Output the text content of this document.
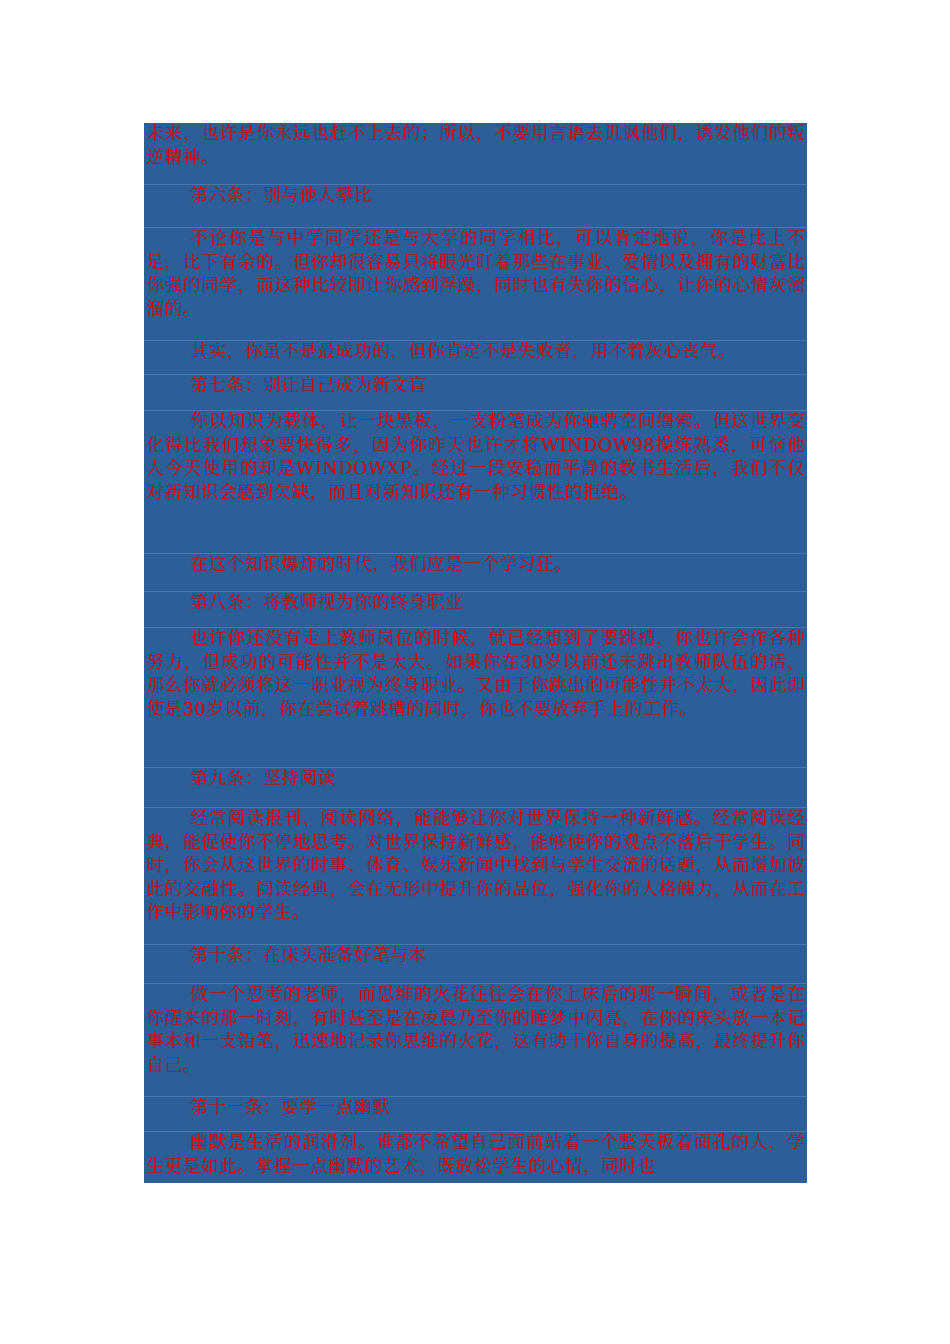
未来，也许是你永远也赶不上去的；所以，不要用言语去讥讽他们，诱发他们的叛逆精神。
第六条：别与他人攀比
不论你是与中学同学还是与大学的同学相比，可以肯定地说，你是比上不足，比下有余的。但你却很容易只将眼光盯着那些在事业、爱情以及拥有的财富比你强的同学，而这种比较即让你感到浮躁，同时也有失你的信心，让你的心情灰溜溜的。
其实，你虽不是最成功的，但你肯定不是失败者，用不着灰心丧气。
第七条：别让自己成为新文盲
你以知识为载体，让一块黑板，一支粉笔成为你驰骋空间缰索。但这世界变化得比我们想象要快得多，因为你昨天也许才将WINDOW98操练熟悉，可恼他人今天使用的却是WINDOWXP。经过一段安稳而平静的教书生活后，我们不仅对新知识会感到欠缺，而且对新知识还有一种习惯性的拒绝。
在这个知识爆炸的时代，我们应是一个学习狂。
第八条：将教师视为你的终身职业
也许你还没有走上教师岗位的时候，就已经想到了要跳槽，你也许会作各种努力，但成功的可能性并不是太大。如果你在30岁以前还未跳出教师队伍的话，那么你就必须将这一职业视为终身职业。又由于你跳出的可能性并不太大，因此即使是30岁以前，你在尝试着跳槽的同时，你也不要放弃手上的工作。
第九条：坚持阅读
经常阅读报刊、阅读网络，能能够让你对世界保持一种新鲜感。经常阅读经典，能促使你不停地思考。对世界保持新鲜感，能够使你的观点不落后于学生。同时，你会从这世界的时事、体育、娱乐新闻中找到与学生交流的话题，从而增加彼此的交融性。阅读经典，会在无形中提升你的品位，强化你的人格魄力，从而在工作中影响你的学生。
第十条：在床头准备好笔与本
做一个思考的老师，而思维的火花往往会在你上床后的那一瞬间，或者是在你醒来的那一时刻，有时甚至是在凌晨乃至你的睡梦中闪亮，在你的床头放一本记事本和一支铅笔，迅速地记录你思维的火花，这有助于你自身的提高，最终提升你自己。
第十一条：要学一点幽默
幽默是生活的润滑剂。谁都不希望自己面前站着一个整天板着面孔的人，学生更是如此。掌握一点幽默的艺术，既放松学生的心情，同时也
